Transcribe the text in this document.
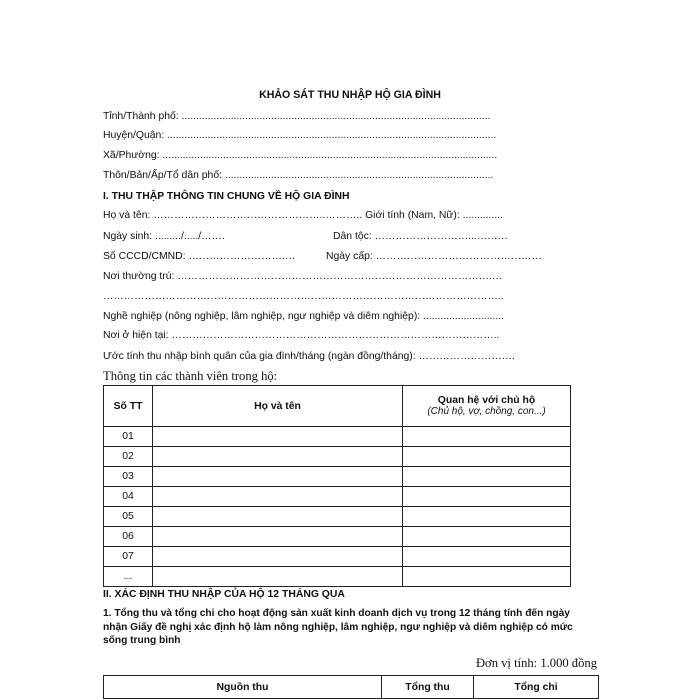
KHẢO SÁT THU NHẬP HỘ GIA ĐÌNH
Tỉnh/Thành phố: ...........................................................................................................
Huyện/Quận: ..................................................................................................................
Xã/Phường: ....................................................................................................................
Thôn/Bản/Ấp/Tổ dân phố: .............................................................................................
I. THU THẬP THÔNG TIN CHUNG VỀ HỘ GIA ĐÌNH
Họ và tên: …………………………………………..……….. Giới tính (Nam, Nữ): ..............
Ngày sinh: ........./...../…….	Dân tộc: ………………………...………
Số CCCD/CMND: ……………………….…	Ngày cấp: …………………………………………
Nơi thường trú: ……………………………………………………………………………….…
……………………………………………………………………………………………………..
Nghề nghiệp (nông nghiệp, lâm nghiệp, ngư nghiệp và diêm nghiệp): ............................
Nơi ở hiện tại: …………………………………………………………………………………..
Ước tính thu nhập bình quân của gia đình/tháng (ngàn đồng/tháng): ……………………….
Thông tin các thành viên trong hộ:
Số TT	Họ và tên	Quan hệ với chủ hộ
(Chủ hộ, vợ, chồng, con...)

01		
02		
03		
04		
05		
06		
07		
...		
II. XÁC ĐỊNH THU NHẬP CỦA HỘ 12 THÁNG QUA
1. Tổng thu và tổng chi cho hoạt động sản xuất kinh doanh dịch vụ trong 12 tháng tính đến ngày nhận Giấy đề nghị xác định hộ làm nông nghiệp, lâm nghiệp, ngư nghiệp và diêm nghiệp có mức sống trung bình
Đơn vị tính: 1.000 đồng
Nguồn thu	Tổng thu	Tổng chi
